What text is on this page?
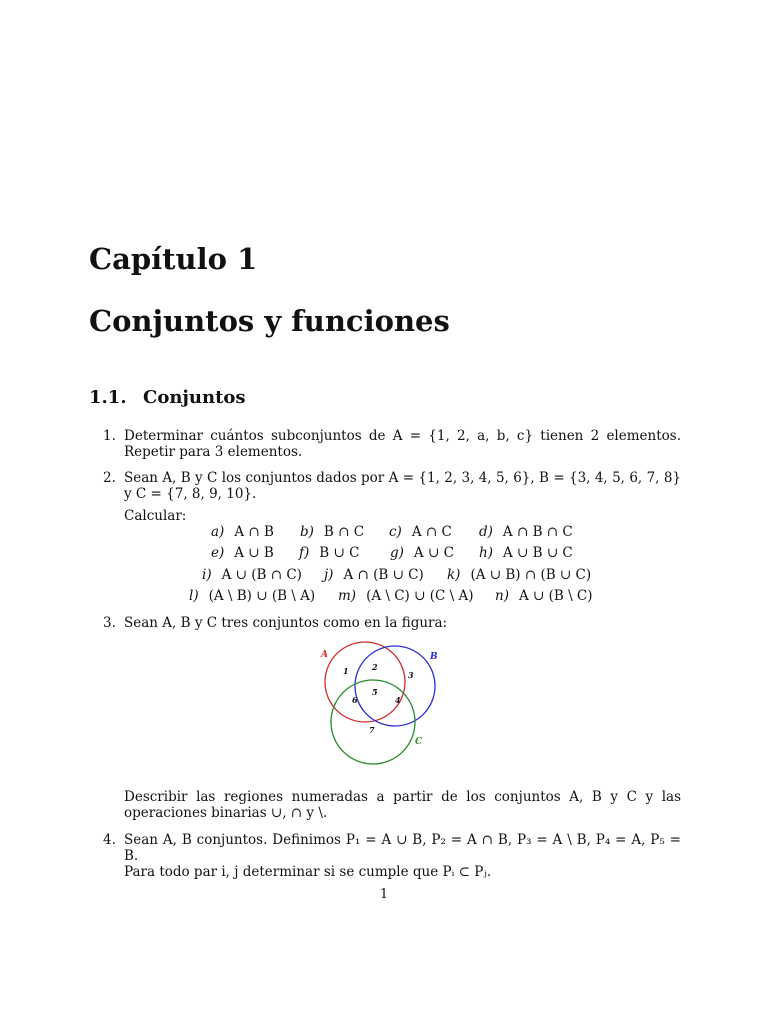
Capítulo 1
Conjuntos y funciones
1.1. Conjuntos
1. Determinar cuántos subconjuntos de A = {1, 2, a, b, c} tienen 2 elementos. Repetir para 3 elementos.
2. Sean A, B y C los conjuntos dados por A = {1, 2, 3, 4, 5, 6}, B = {3, 4, 5, 6, 7, 8} y C = {7, 8, 9, 10}.
Calcular:
a) A ∩ B b) B ∩ C c) A ∩ C d) A ∩ B ∩ C
e) A ∪ B f) B ∪ C g) A ∪ C h) A ∪ B ∪ C
i) A ∪ (B ∩ C) j) A ∩ (B ∪ C) k) (A ∪ B) ∩ (B ∪ C)
l) (A \ B) ∪ (B \ A) m) (A \ C) ∪ (C \ A) n) A ∪ (B \ C)
3. Sean A, B y C tres conjuntos como en la figura:
A	B
C
1	2
3
4
5
6
7
Describir las regiones numeradas a partir de los conjuntos A, B y C y las operaciones binarias ∪, ∩ y \.
4. Sean A, B conjuntos. Definimos P₁ = A ∪ B, P₂ = A ∩ B, P₃ = A \ B, P₄ = A, P₅ = B.
Para todo par i, j determinar si se cumple que Pᵢ ⊂ Pⱼ.
1
